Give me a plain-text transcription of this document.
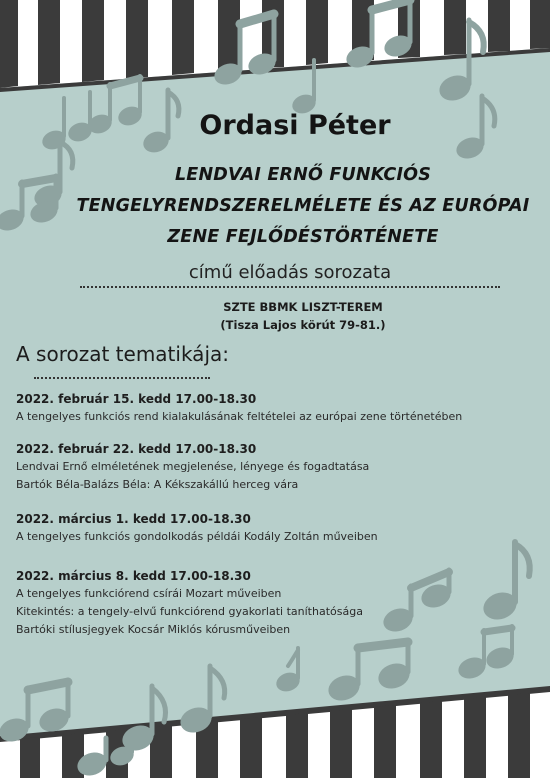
Ordasi Péter
LENDVAI ERNŐ FUNKCIÓS
TENGELYRENDSZERELMÉLETE ÉS AZ EURÓPAI
ZENE FEJLŐDÉSTÖRTÉNETE
című előadás sorozata
SZTE BBMK LISZT-TEREM
(Tisza Lajos körút 79-81.)
A sorozat tematikája:
2022. február 15. kedd 17.00-18.30
A tengelyes funkciós rend kialakulásának feltételei az európai zene történetében
2022. február 22. kedd 17.00-18.30
Lendvai Ernő elméletének megjelenése, lényege és fogadtatása
Bartók Béla-Balázs Béla: A Kékszakállú herceg vára
2022. március 1. kedd 17.00-18.30
A tengelyes funkciós gondolkodás példái Kodály Zoltán műveiben
2022. március 8. kedd 17.00-18.30
A tengelyes funkciórend csírái Mozart műveiben
Kitekintés: a tengely-elvű funkciórend gyakorlati taníthatósága
Bartóki stílusjegyek Kocsár Miklós kórusműveiben
